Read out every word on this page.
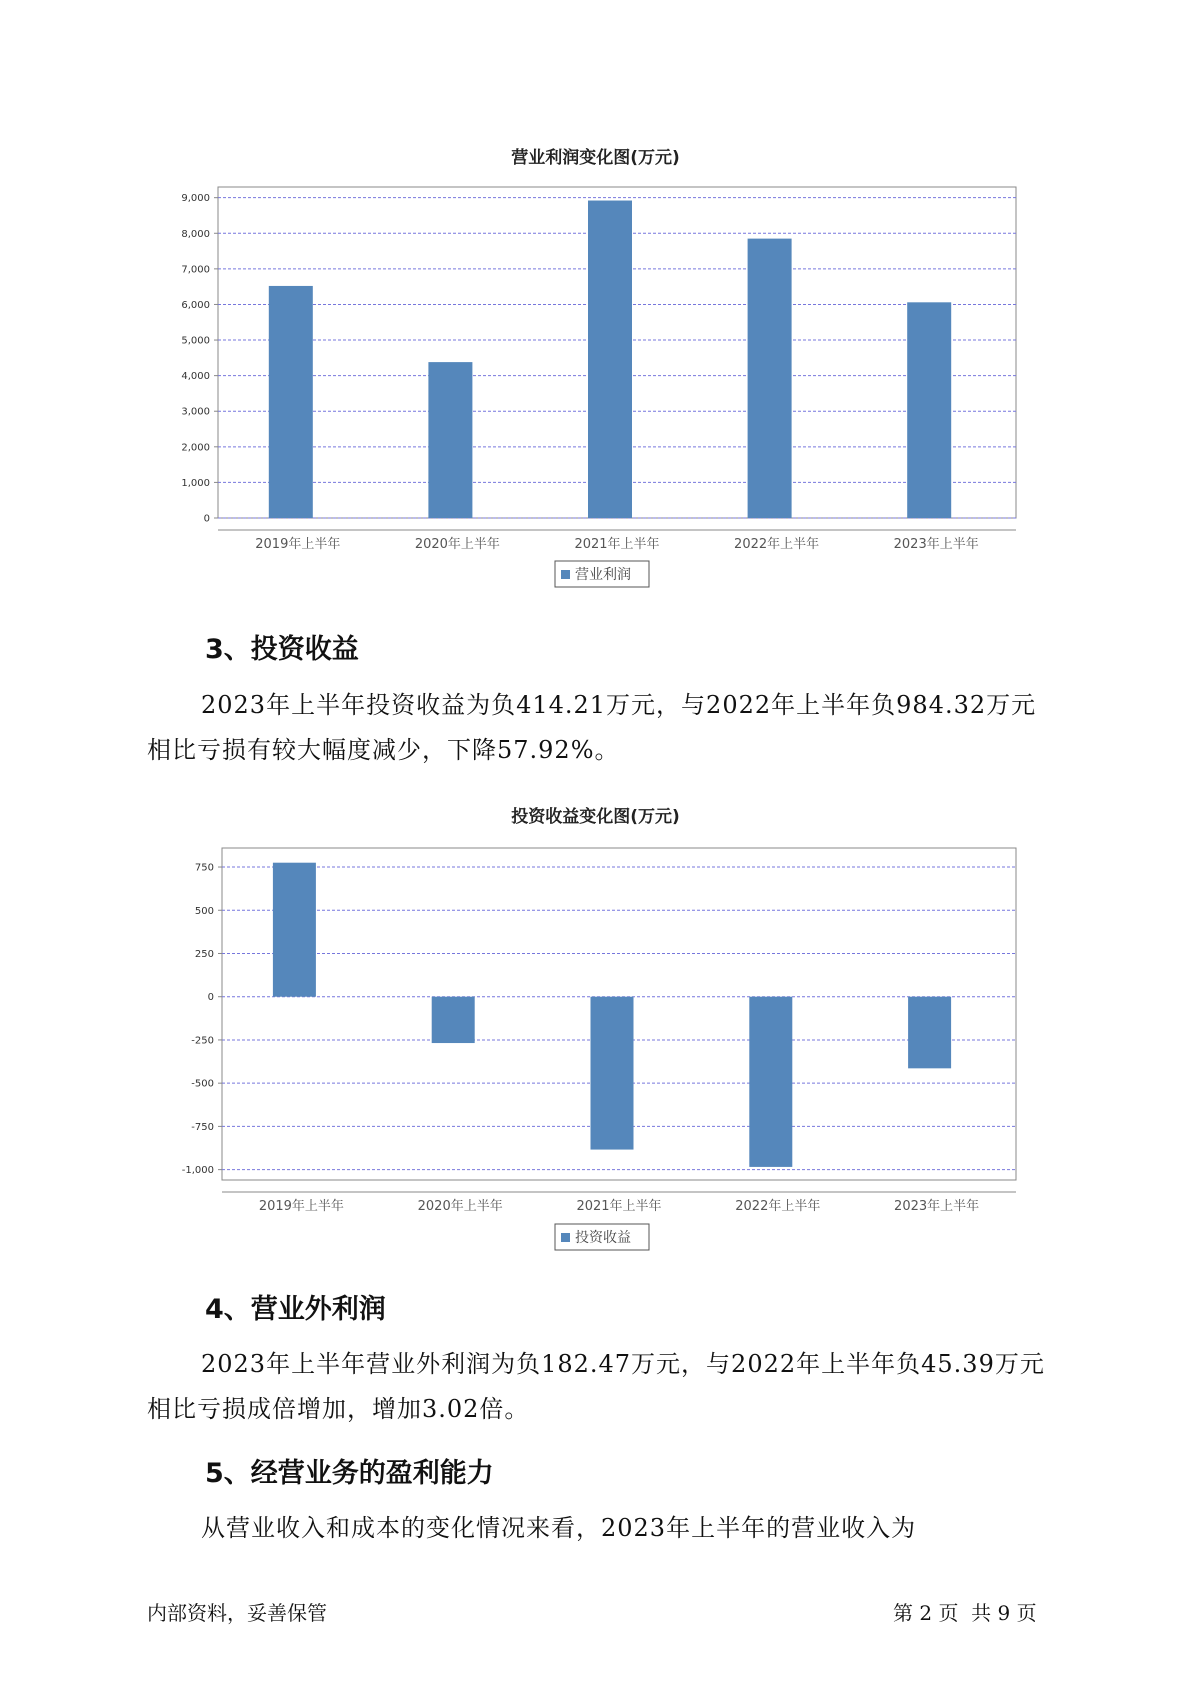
营业利润变化图(万元)
0
1,000
2,000
3,000
4,000
5,000
6,000
7,000
8,000
9,000
2019年上半年	2020年上半年	2021年上半年	2022年上半年	2023年上半年
营业利润
3、投资收益

2023年上半年投资收益为负414.21万元，与2022年上半年负984.32万元相比亏损有较大幅度减少，下降57.92%。

投资收益变化图(万元)
750
500
250
0
-250
-500
-750
-1,000
2019年上半年	2020年上半年	2021年上半年	2022年上半年	2023年上半年
投资收益
4、营业外利润

2023年上半年营业外利润为负182.47万元，与2022年上半年负45.39万元相比亏损成倍增加，增加3.02倍。

5、经营业务的盈利能力

从营业收入和成本的变化情况来看，2023年上半年的营业收入为

内部资料，妥善保管	第 2 页  共 9 页
